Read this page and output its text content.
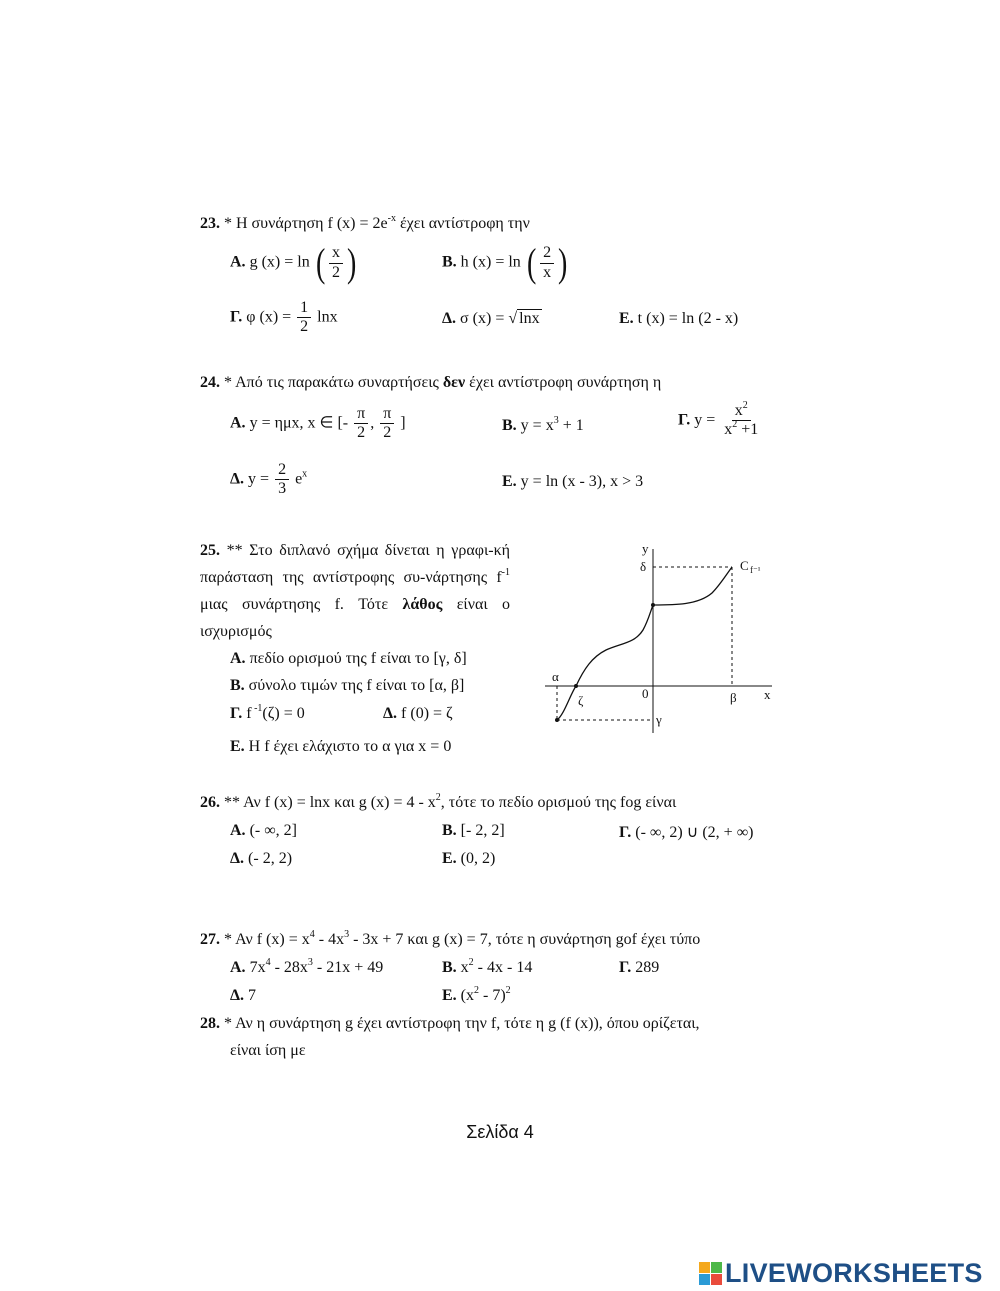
23. * Η συνάρτηση f $(x) = 2e^{-x}$ έχει αντίστροφη την
Α. g (x) = ln ( $\frac{x}{2}$ )	Β. h (x) = ln ( $\frac{2}{x}$ )
Γ. φ $(x) = \frac{1}{2}$ lnx	Δ. σ (x) = √ lnx	Ε. t (x) = ln (2 - x)
24. * Από τις παρακάτω συναρτήσεις δεν έχει αντίστροφη συνάρτηση η
Α. y = ημx, x ∈ [- $\frac{\pi}{2}$ , $\frac{\pi}{2}$ ]	Β. $y = x^3 + 1$	Γ. $y = \frac{x^2}{x^2 +1}$
Δ. $y = \frac{2}{3} e^x$	Ε. y = ln (x - 3), x > 3
25. ** Στο διπλανό σχήμα δίνεται η γραφι-κή παράσταση της αντίστροφης συ-νάρτησης $f^{-1}$ μιας συνάρτησης f. Τότε λάθος είναι ο ισχυρισμός
Α. πεδίο ορισμού της f είναι το [γ, δ]
Β. σύνολο τιμών της f είναι το [α, β]
Γ. f $^{-1}$(ζ) = 0	Δ. f (0) = ζ
Ε. Η f έχει ελάχιστο το α για x = 0
y
δ
x
0
α
ζ	β
γ
C f⁻¹
26. ** Αν f (x) = lnx και g $(x) = 4 - x^2$, τότε το πεδίο ορισμού της fog είναι
Α. (- ∞, 2]	Β. [- 2, 2]	Γ. (- ∞, 2) ∪ (2, + ∞)
Δ. (- 2, 2)	Ε. (0, 2)
27. * Αν f $(x) = x^4 - 4x^3 - 3x + 7$ και g (x) = 7, τότε η συνάρτηση gof έχει τύπο
Α. $7x^4 - 28x^3 - 21x + 49$	Β. $x^2 - 4x - 14$	Γ. 289
Δ. 7	Ε. $(x^2 - 7)^2$
28. * Αν η συνάρτηση g έχει αντίστροφη την f, τότε η g (f (x)), όπου ορίζεται,
είναι ίση με
Σελίδα 4
LIVEWORKSHEETS
